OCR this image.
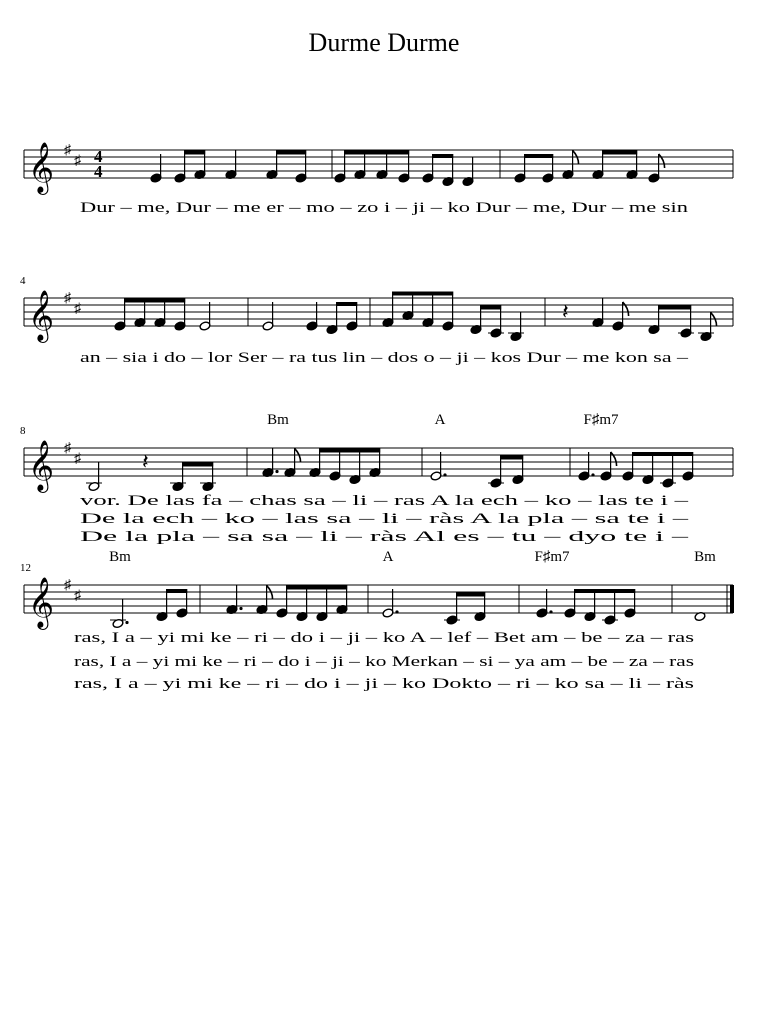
Durme Durme
𝄞 ♯
♯ 4
4
Dur – me, Dur – me er – mo – zo i – ji – ko Dur – me, Dur – me sin
𝄞 ♯
♯
4
𝄽
an – sia i do – lor Ser – ra tus lin – dos o – ji – kos Dur – me kon sa –
𝄞 ♯
♯
8
𝄽
Bm	A	F♯m7
vor. De las fa – chas sa – li – ras A la ech – ko – las te i –
De la ech – ko – las sa – li – ràs A la pla – sa te i –
De la pla – sa sa – li – ràs Al es – tu – dyo te i –
𝄞 ♯
♯
12
Bm	A	F♯m7	Bm
ras, I a – yi mi ke – ri – do i – ji – ko A – lef – Bet am – be – za – ras
ras, I a – yi mi ke – ri – do i – ji – ko Merkan – si – ya am – be – za – ras
ras, I a – yi mi ke – ri – do i – ji – ko Dokto – ri – ko sa – li – ràs
